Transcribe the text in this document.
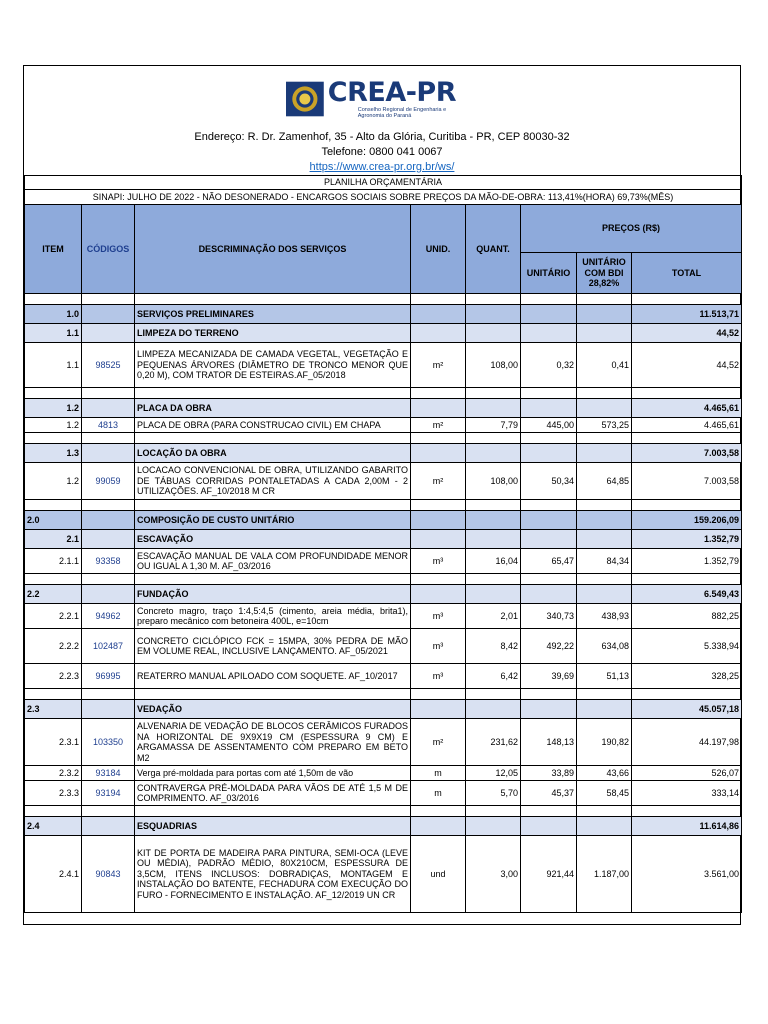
CREA-PR
Conselho Regional de Engenharia e Agronomia do Paraná
Endereço: R. Dr. Zamenhof, 35 - Alto da Glória, Curitiba - PR, CEP 80030-32
Telefone: 0800 041 0067
https://www.crea-pr.org.br/ws/
PLANILHA ORÇAMENTÁRIA							
SINAPI: JULHO DE 2022 - NÃO DESONERADO - ENCARGOS SOCIAIS SOBRE PREÇOS DA MÃO-DE-OBRA: 113,41%(HORA) 69,73%(MÊS)							
ITEM	CÓDIGOS	DESCRIMINAÇÃO DOS SERVIÇOS	UNID.	QUANT.	PREÇOS (R$)		
					UNITÁRIO	UNITÁRIO COM BDI 28,82%	TOTAL

1.0		SERVIÇOS PRELIMINARES					11.513,71
1.1		LIMPEZA DO TERRENO					44,52
1.1	98525	LIMPEZA MECANIZADA DE CAMADA VEGETAL, VEGETAÇÃO E PEQUENAS ÁRVORES (DIÂMETRO DE TRONCO MENOR QUE 0,20 M), COM TRATOR DE ESTEIRAS.AF_05/2018	m²	108,00	0,32	0,41	44,52

1.2		PLACA DA OBRA					4.465,61
1.2	4813	PLACA DE OBRA (PARA CONSTRUCAO CIVIL) EM CHAPA	m²	7,79	445,00	573,25	4.465,61

1.3		LOCAÇÃO DA OBRA					7.003,58
1.2	99059	LOCACAO CONVENCIONAL DE OBRA, UTILIZANDO GABARITO DE TÁBUAS CORRIDAS PONTALETADAS A CADA 2,00M - 2 UTILIZAÇÕES. AF_10/2018 M CR	m²	108,00	50,34	64,85	7.003,58

2.0		COMPOSIÇÃO DE CUSTO UNITÁRIO					159.206,09
2.1		ESCAVAÇÃO					1.352,79
2.1.1	93358	ESCAVAÇÃO MANUAL DE VALA COM PROFUNDIDADE MENOR OU IGUAL A 1,30 M. AF_03/2016	m³	16,04	65,47	84,34	1.352,79

2.2		FUNDAÇÃO					6.549,43
2.2.1	94962	Concreto magro, traço 1:4,5:4,5 (cimento, areia média, brita1), preparo mecânico com betoneira 400L, e=10cm	m³	2,01	340,73	438,93	882,25
2.2.2	102487	CONCRETO CICLÓPICO FCK = 15MPA, 30% PEDRA DE MÃO EM VOLUME REAL, INCLUSIVE LANÇAMENTO. AF_05/2021	m³	8,42	492,22	634,08	5.338,94
2.2.3	96995	REATERRO MANUAL APILOADO COM SOQUETE. AF_10/2017	m³	6,42	39,69	51,13	328,25

2.3		VEDAÇÃO					45.057,18
2.3.1	103350	ALVENARIA DE VEDAÇÃO DE BLOCOS CERÂMICOS FURADOS NA HORIZONTAL DE 9X9X19 CM (ESPESSURA 9 CM) E ARGAMASSA DE ASSENTAMENTO COM PREPARO EM BETO M2	m²	231,62	148,13	190,82	44.197,98
2.3.2	93184	Verga pré-moldada para portas com até 1,50m de vão	m	12,05	33,89	43,66	526,07
2.3.3	93194	CONTRAVERGA PRÉ-MOLDADA PARA VÃOS DE ATÉ 1,5 M DE COMPRIMENTO. AF_03/2016	m	5,70	45,37	58,45	333,14

2.4		ESQUADRIAS					11.614,86
2.4.1	90843	KIT DE PORTA DE MADEIRA PARA PINTURA, SEMI-OCA (LEVE OU MÉDIA), PADRÃO MÉDIO, 80X210CM, ESPESSURA DE 3,5CM, ITENS INCLUSOS: DOBRADIÇAS, MONTAGEM E INSTALAÇÃO DO BATENTE, FECHADURA COM EXECUÇÃO DO FURO - FORNECIMENTO E INSTALAÇÃO. AF_12/2019 UN CR	und	3,00	921,44	1.187,00	3.561,00
